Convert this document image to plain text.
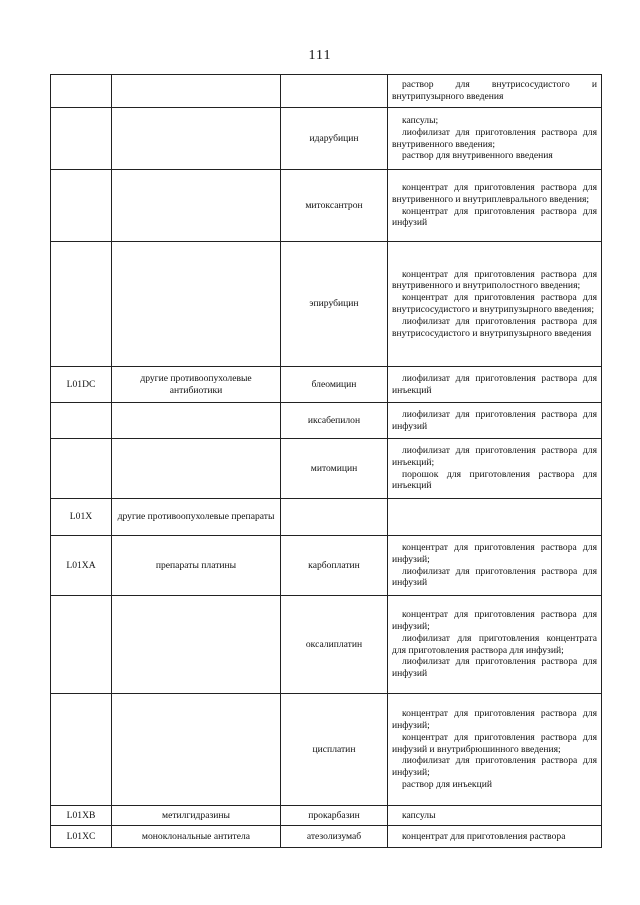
111

			раствор для внутрисосудистого и внутрипузырного введения

		идарубицин	капсулы;
лиофилизат для приготовления раствора для внутривенного введения;
раствор для внутривенного введения

		митоксантрон	концентрат для приготовления раствора для внутривенного и внутриплеврального введения;
концентрат для приготовления раствора для инфузий

		эпирубицин	концентрат для приготовления раствора для внутривенного и внутриполостного введения;
концентрат для приготовления раствора для внутрисосудистого и внутрипузырного введения;
лиофилизат для приготовления раствора для внутрисосудистого и внутрипузырного введения

L01DC	другие противоопухолевые антибиотики	блеомицин	лиофилизат для приготовления раствора для инъекций

		иксабепилон	лиофилизат для приготовления раствора для инфузий

		митомицин	лиофилизат для приготовления раствора для инъекций;
порошок для приготовления раствора для инъекций

L01X	другие противоопухолевые препараты		
L01XA	препараты платины	карбоплатин	концентрат для приготовления раствора для инфузий;
лиофилизат для приготовления раствора для инфузий

		оксалиплатин	концентрат для приготовления раствора для инфузий;
лиофилизат для приготовления концентрата для приготовления раствора для инфузий;
лиофилизат для приготовления раствора для инфузий

		цисплатин	концентрат для приготовления раствора для инфузий;
концентрат для приготовления раствора для инфузий и внутрибрюшинного введения;
лиофилизат для приготовления раствора для инфузий;
раствор для инъекций

L01XB	метилгидразины	прокарбазин	капсулы

L01XC	моноклональные антитела	атезолизумаб	концентрат для приготовления раствора
